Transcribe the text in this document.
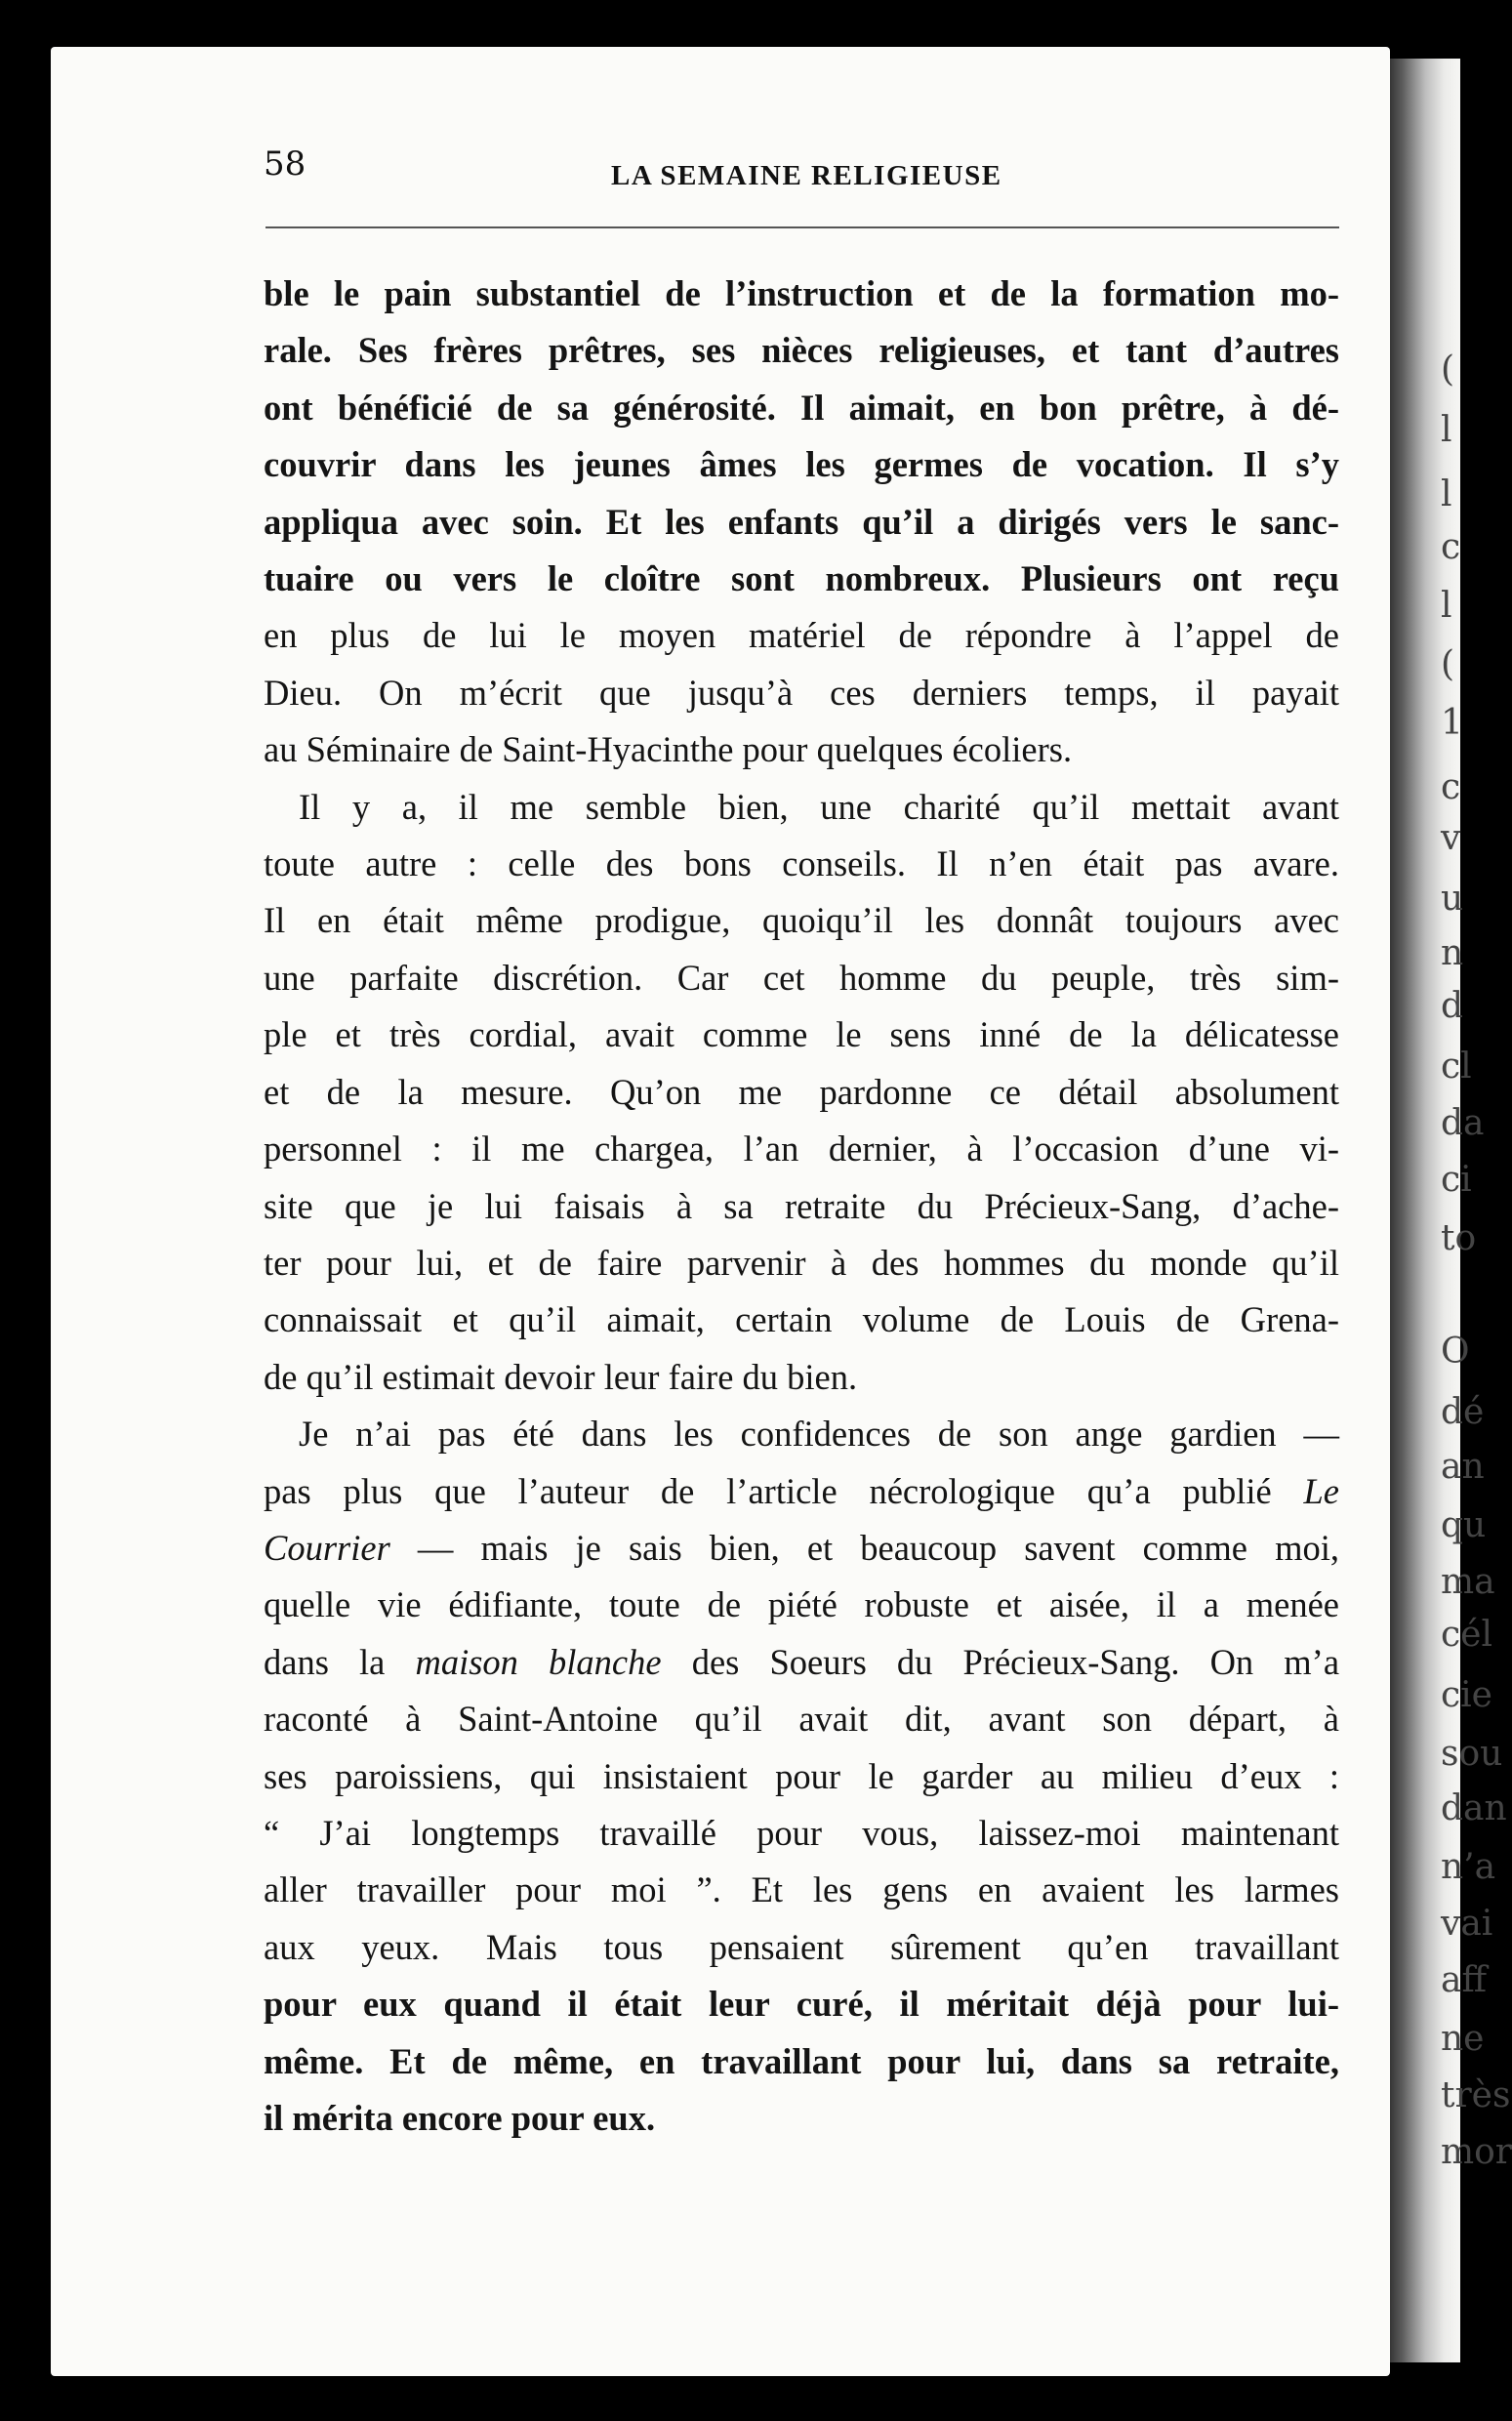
(
l
l
c
l
(
1
c
v
u
n
d
cl
da
ci
to
O
dé
an
qu
ma
cél
cie
sou
dan
n’a
vai
aff
ne
très
mor
58	LA SEMAINE RELIGIEUSE
ble le pain substantiel de l’instruction et de la formation mo-
rale. Ses frères prêtres, ses nièces religieuses, et tant d’autres
ont bénéficié de sa générosité. Il aimait, en bon prêtre, à dé-
couvrir dans les jeunes âmes les germes de vocation. Il s’y
appliqua avec soin. Et les enfants qu’il a dirigés vers le sanc-
tuaire ou vers le cloître sont nombreux. Plusieurs ont reçu
en plus de lui le moyen matériel de répondre à l’appel de
Dieu. On m’écrit que jusqu’à ces derniers temps, il payait
au Séminaire de Saint-Hyacinthe pour quelques écoliers.
Il y a, il me semble bien, une charité qu’il mettait avant
toute autre : celle des bons conseils. Il n’en était pas avare.
Il en était même prodigue, quoiqu’il les donnât toujours avec
une parfaite discrétion. Car cet homme du peuple, très sim-
ple et très cordial, avait comme le sens inné de la délicatesse
et de la mesure. Qu’on me pardonne ce détail absolument
personnel : il me chargea, l’an dernier, à l’occasion d’une vi-
site que je lui faisais à sa retraite du Précieux-Sang, d’ache-
ter pour lui, et de faire parvenir à des hommes du monde qu’il
connaissait et qu’il aimait, certain volume de Louis de Grena-
de qu’il estimait devoir leur faire du bien.
Je n’ai pas été dans les confidences de son ange gardien —
pas plus que l’auteur de l’article nécrologique qu’a publié Le
Courrier — mais je sais bien, et beaucoup savent comme moi,
quelle vie édifiante, toute de piété robuste et aisée, il a menée
dans la maison blanche des Soeurs du Précieux-Sang. On m’a
raconté à Saint-Antoine qu’il avait dit, avant son départ, à
ses paroissiens, qui insistaient pour le garder au milieu d’eux :
“ J’ai longtemps travaillé pour vous, laissez-moi maintenant
aller travailler pour moi ”. Et les gens en avaient les larmes
aux yeux. Mais tous pensaient sûrement qu’en travaillant
pour eux quand il était leur curé, il méritait déjà pour lui-
même. Et de même, en travaillant pour lui, dans sa retraite,
il mérita encore pour eux.
